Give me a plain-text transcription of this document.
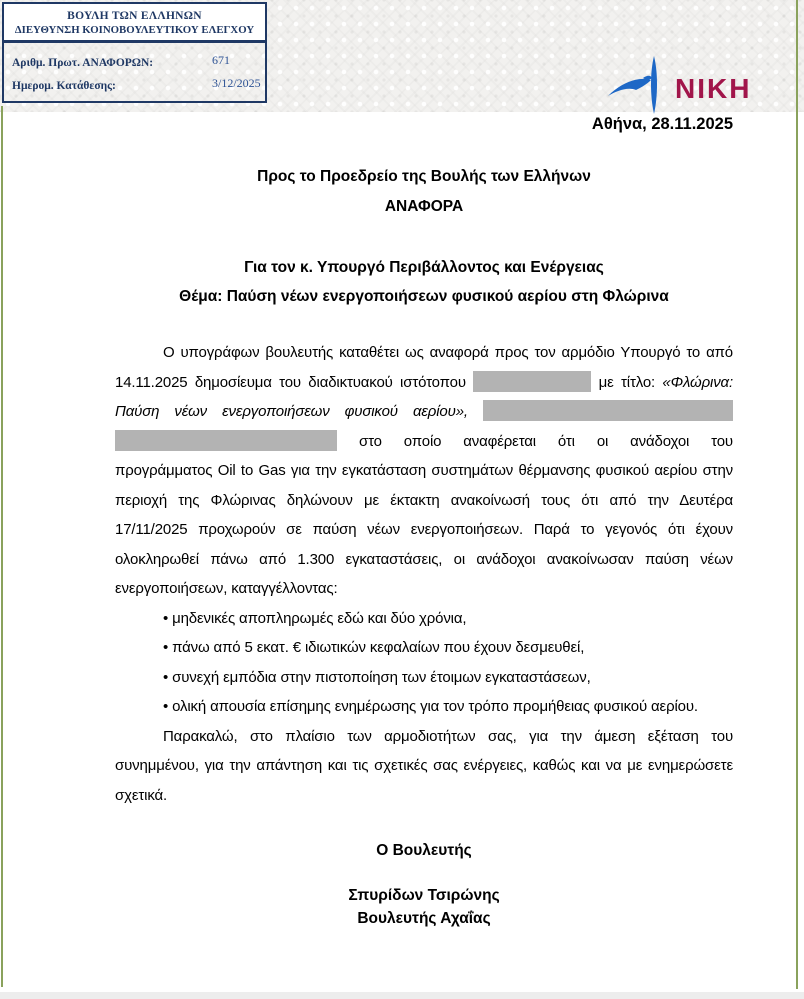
ΒΟΥΛΗ ΤΩΝ ΕΛΛΗΝΩΝ
ΔΙΕΥΘΥΝΣΗ ΚΟΙΝΟΒΟΥΛΕΥΤΙΚΟΥ ΕΛΕΓΧΟΥ
Αριθμ. Πρωτ. ΑΝΑΦΟΡΩΝ:	671
Ημερομ. Κατάθεσης:	3/12/2025	ΝΙΚΗ
Αθήνα, 28.11.2025
Προς το Προεδρείο της Βουλής των Ελλήνων
ΑΝΑΦΟΡΑ
Για τον κ. Υπουργό Περιβάλλοντος και Ενέργειας
Θέμα: Παύση νέων ενεργοποιήσεων φυσικού αερίου στη Φλώρινα
Ο υπογράφων βουλευτής καταθέτει ως αναφορά προς τον αρμόδιο Υπουργό το από
14.11.2025 δημοσίευμα του διαδικτυακού ιστότοπου	με τίτλο: «Φλώρινα:
Παύση νέων ενεργοποιήσεων φυσικού αερίου»,
στο οποίο αναφέρεται ότι οι ανάδοχοι του
προγράμματος Oil to Gas για την εγκατάσταση συστημάτων θέρμανσης φυσικού αερίου στην
περιοχή της Φλώρινας δηλώνουν με έκτακτη ανακοίνωσή τους ότι από την Δευτέρα
17/11/2025 προχωρούν σε παύση νέων ενεργοποιήσεων. Παρά το γεγονός ότι έχουν
ολοκληρωθεί πάνω από 1.300 εγκαταστάσεις, οι ανάδοχοι ανακοίνωσαν παύση νέων
ενεργοποιήσεων, καταγγέλλοντας:
• μηδενικές αποπληρωμές εδώ και δύο χρόνια,
• πάνω από 5 εκατ. € ιδιωτικών κεφαλαίων που έχουν δεσμευθεί,
• συνεχή εμπόδια στην πιστοποίηση των έτοιμων εγκαταστάσεων,
• ολική απουσία επίσημης ενημέρωσης για τον τρόπο προμήθειας φυσικού αερίου.
Παρακαλώ, στο πλαίσιο των αρμοδιοτήτων σας, για την άμεση εξέταση του
συνημμένου, για την απάντηση και τις σχετικές σας ενέργειες, καθώς και να με ενημερώσετε
σχετικά.
Ο Βουλευτής
Σπυρίδων Τσιρώνης
Βουλευτής Αχαΐας
